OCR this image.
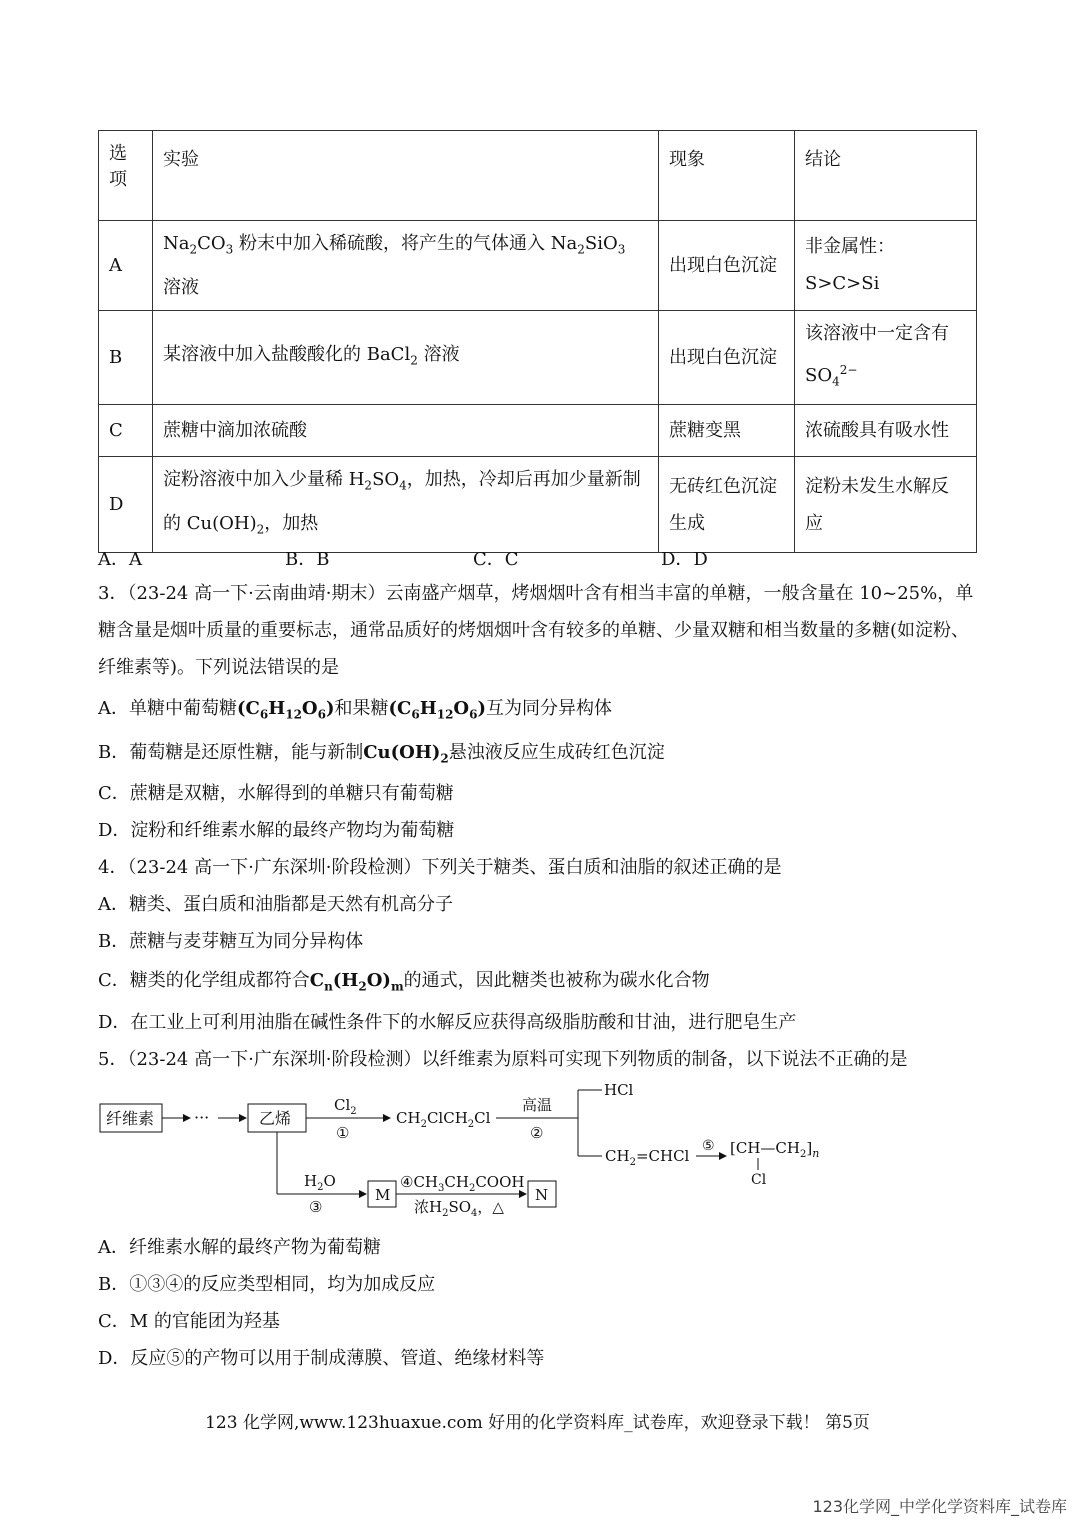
选项	实验	现象	结论
A	$Na_2CO_3$ 粉末中加入稀硫酸，将产生的气体通入 $Na_2SiO_3$ 溶液	出现白色沉淀	非金属性：S>C>Si
B	某溶液中加入盐酸酸化的 BaCl$_2$ 溶液	出现白色沉淀	该溶液中一定含有
$SO_4^{2-}$
C	蔗糖中滴加浓硫酸	蔗糖变黑	浓硫酸具有吸水性
D	淀粉溶液中加入少量稀 $H_2SO_4$，加热，冷却后再加少量新制的 $Cu(OH)_2$，加热	无砖红色沉淀生成	淀粉未发生水解反应
A．A	B．B	C．C	D．D
3．（23-24 高一下·云南曲靖·期末）云南盛产烟草，烤烟烟叶含有相当丰富的单糖，一般含量在 10~25%，单糖含量是烟叶质量的重要标志，通常品质好的烤烟烟叶含有较多的单糖、少量双糖和相当数量的多糖(如淀粉、纤维素等)。下列说法错误的是
A．单糖中葡萄糖$(C_6H_{12}O_6)$和果糖$(C_6H_{12}O_6)$互为同分异构体
B．葡萄糖是还原性糖，能与新制$Cu(OH)_2$悬浊液反应生成砖红色沉淀
C．蔗糖是双糖，水解得到的单糖只有葡萄糖
D．淀粉和纤维素水解的最终产物均为葡萄糖
4．（23-24 高一下·广东深圳·阶段检测）下列关于糖类、蛋白质和油脂的叙述正确的是
A．糖类、蛋白质和油脂都是天然有机高分子
B．蔗糖与麦芽糖互为同分异构体
C．糖类的化学组成都符合$C_n(H_2O)_m$的通式，因此糖类也被称为碳水化合物
D．在工业上可利用油脂在碱性条件下的水解反应获得高级脂肪酸和甘油，进行肥皂生产
5．（23-24 高一下·广东深圳·阶段检测）以纤维素为原料可实现下列物质的制备，以下说法不正确的是
纤维素 ···	乙烯
$Cl_2$
①
$CH_2ClCH_2Cl$
高温
②
HCl
$CH_2=CHCl$
⑤ $[CH—CH_2]_n$
Cl
$H_2O$
③
M
$④CH_3CH_2COOH$
浓$H_2SO_4$，△
N
A．纤维素水解的最终产物为葡萄糖
B．①③④的反应类型相同，均为加成反应
C．M 的官能团为羟基
D．反应⑤的产物可以用于制成薄膜、管道、绝缘材料等
123 化学网,www.123huaxue.com 好用的化学资料库_试卷库，欢迎登录下载！ 第5页
123化学网_中学化学资料库_试卷库
